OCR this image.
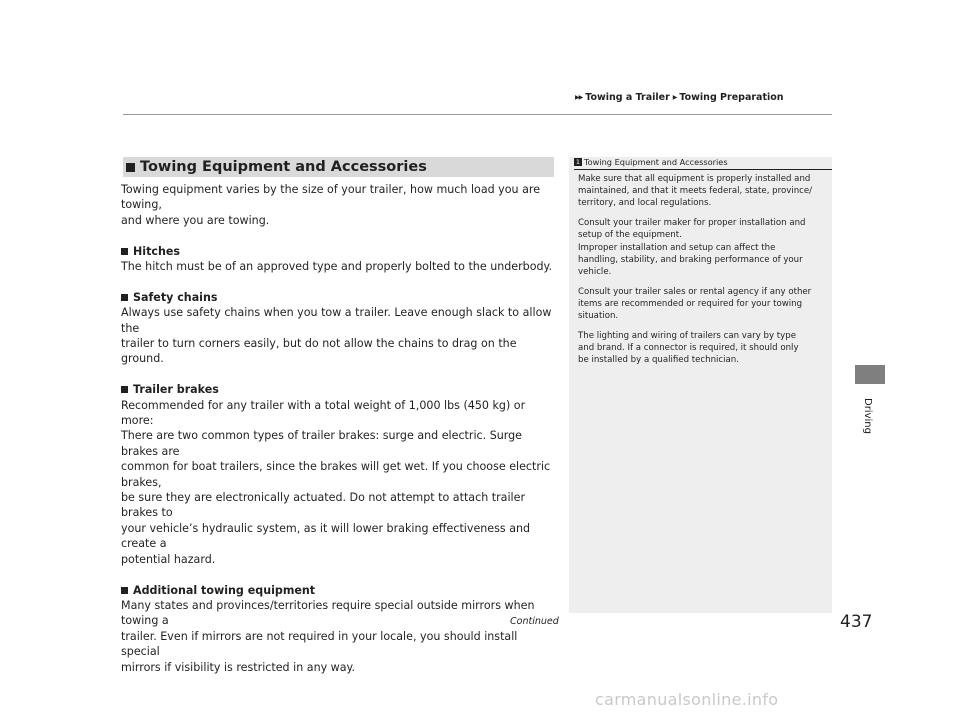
▶▶ Towing a Trailer ▶ Towing Preparation
Driving
Towing Equipment and Accessories

Towing equipment varies by the size of your trailer, how much load you are towing,

and where you are towing.

Hitches

The hitch must be of an approved type and properly bolted to the underbody.

Safety chains

Always use safety chains when you tow a trailer. Leave enough slack to allow the

trailer to turn corners easily, but do not allow the chains to drag on the ground.

Trailer brakes

Recommended for any trailer with a total weight of 1,000 lbs (450 kg) or more:

There are two common types of trailer brakes: surge and electric. Surge brakes are

common for boat trailers, since the brakes will get wet. If you choose electric brakes,

be sure they are electronically actuated. Do not attempt to attach trailer brakes to

your vehicle’s hydraulic system, as it will lower braking effectiveness and create a

potential hazard.

Additional towing equipment

Many states and provinces/territories require special outside mirrors when towing a

trailer. Even if mirrors are not required in your locale, you should install special

mirrors if visibility is restricted in any way.

1 Towing Equipment and Accessories

Make sure that all equipment is properly installed and
maintained, and that it meets federal, state, province/
territory, and local regulations.

Consult your trailer maker for proper installation and
setup of the equipment.
Improper installation and setup can affect the
handling, stability, and braking performance of your
vehicle.

Consult your trailer sales or rental agency if any other
items are recommended or required for your towing
situation.

The lighting and wiring of trailers can vary by type
and brand. If a connector is required, it should only
be installed by a qualified technician.

Continued	437
carmanualsonline.info
